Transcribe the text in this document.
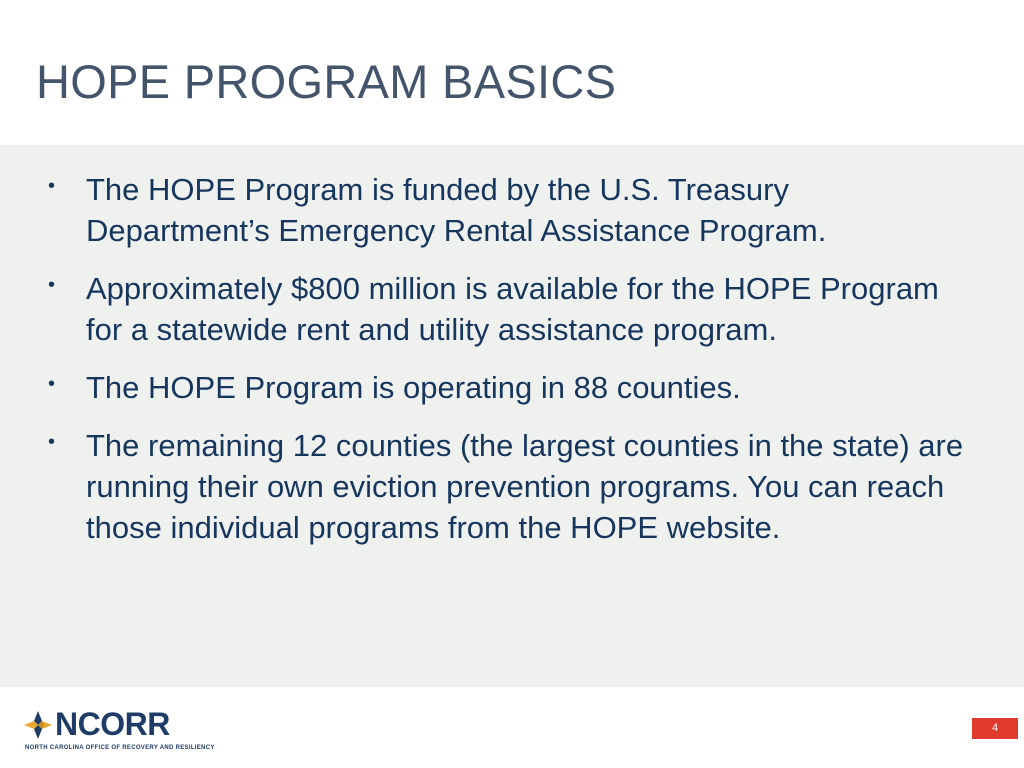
HOPE PROGRAM BASICS
• The HOPE Program is funded by the U.S. Treasury Department’s Emergency Rental Assistance Program.
• Approximately $800 million is available for the HOPE Program for a statewide rent and utility assistance program.
• The HOPE Program is operating in 88 counties.
• The remaining 12 counties (the largest counties in the state) are running their own eviction prevention programs. You can reach those individual programs from the HOPE website.
NCORR
NORTH CAROLINA OFFICE OF RECOVERY AND RESILIENCY
4
